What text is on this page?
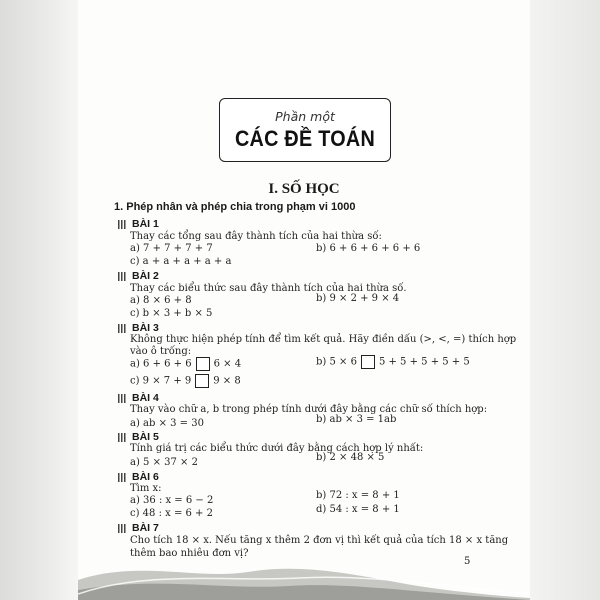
Phần một
CÁC ĐỀ TOÁN
I. SỐ HỌC
1. Phép nhân và phép chia trong phạm vi 1000
BÀI 1
Thay các tổng sau đây thành tích của hai thừa số:
a) 7 + 7 + 7 + 7	b) 6 + 6 + 6 + 6 + 6
c) a + a + a + a + a
BÀI 2
Thay các biểu thức sau đây thành tích của hai thừa số.
a) 8 × 6 + 8	b) 9 × 2 + 9 × 4
c) b × 3 + b × 5
BÀI 3
Không thực hiện phép tính để tìm kết quả. Hãy điền dấu (>, <, =) thích hợp
vào ô trống:
a) 6 + 6 + 6 6 × 4	b) 5 × 6 5 + 5 + 5 + 5 + 5
c) 9 × 7 + 9 9 × 8
BÀI 4
Thay vào chữ a, b trong phép tính dưới đây bằng các chữ số thích hợp:
a) ab × 3 = 30	b) ab × 3 = 1ab
BÀI 5
Tính giá trị các biểu thức dưới đây bằng cách hợp lý nhất:
a) 5 × 37 × 2	b) 2 × 48 × 5
BÀI 6
Tìm x:
a) 36 : x = 6 − 2	b) 72 : x = 8 + 1
c) 48 : x = 6 + 2	d) 54 : x = 8 + 1
BÀI 7
Cho tích 18 × x. Nếu tăng x thêm 2 đơn vị thì kết quả của tích 18 × x tăng
thêm bao nhiêu đơn vị?
5
